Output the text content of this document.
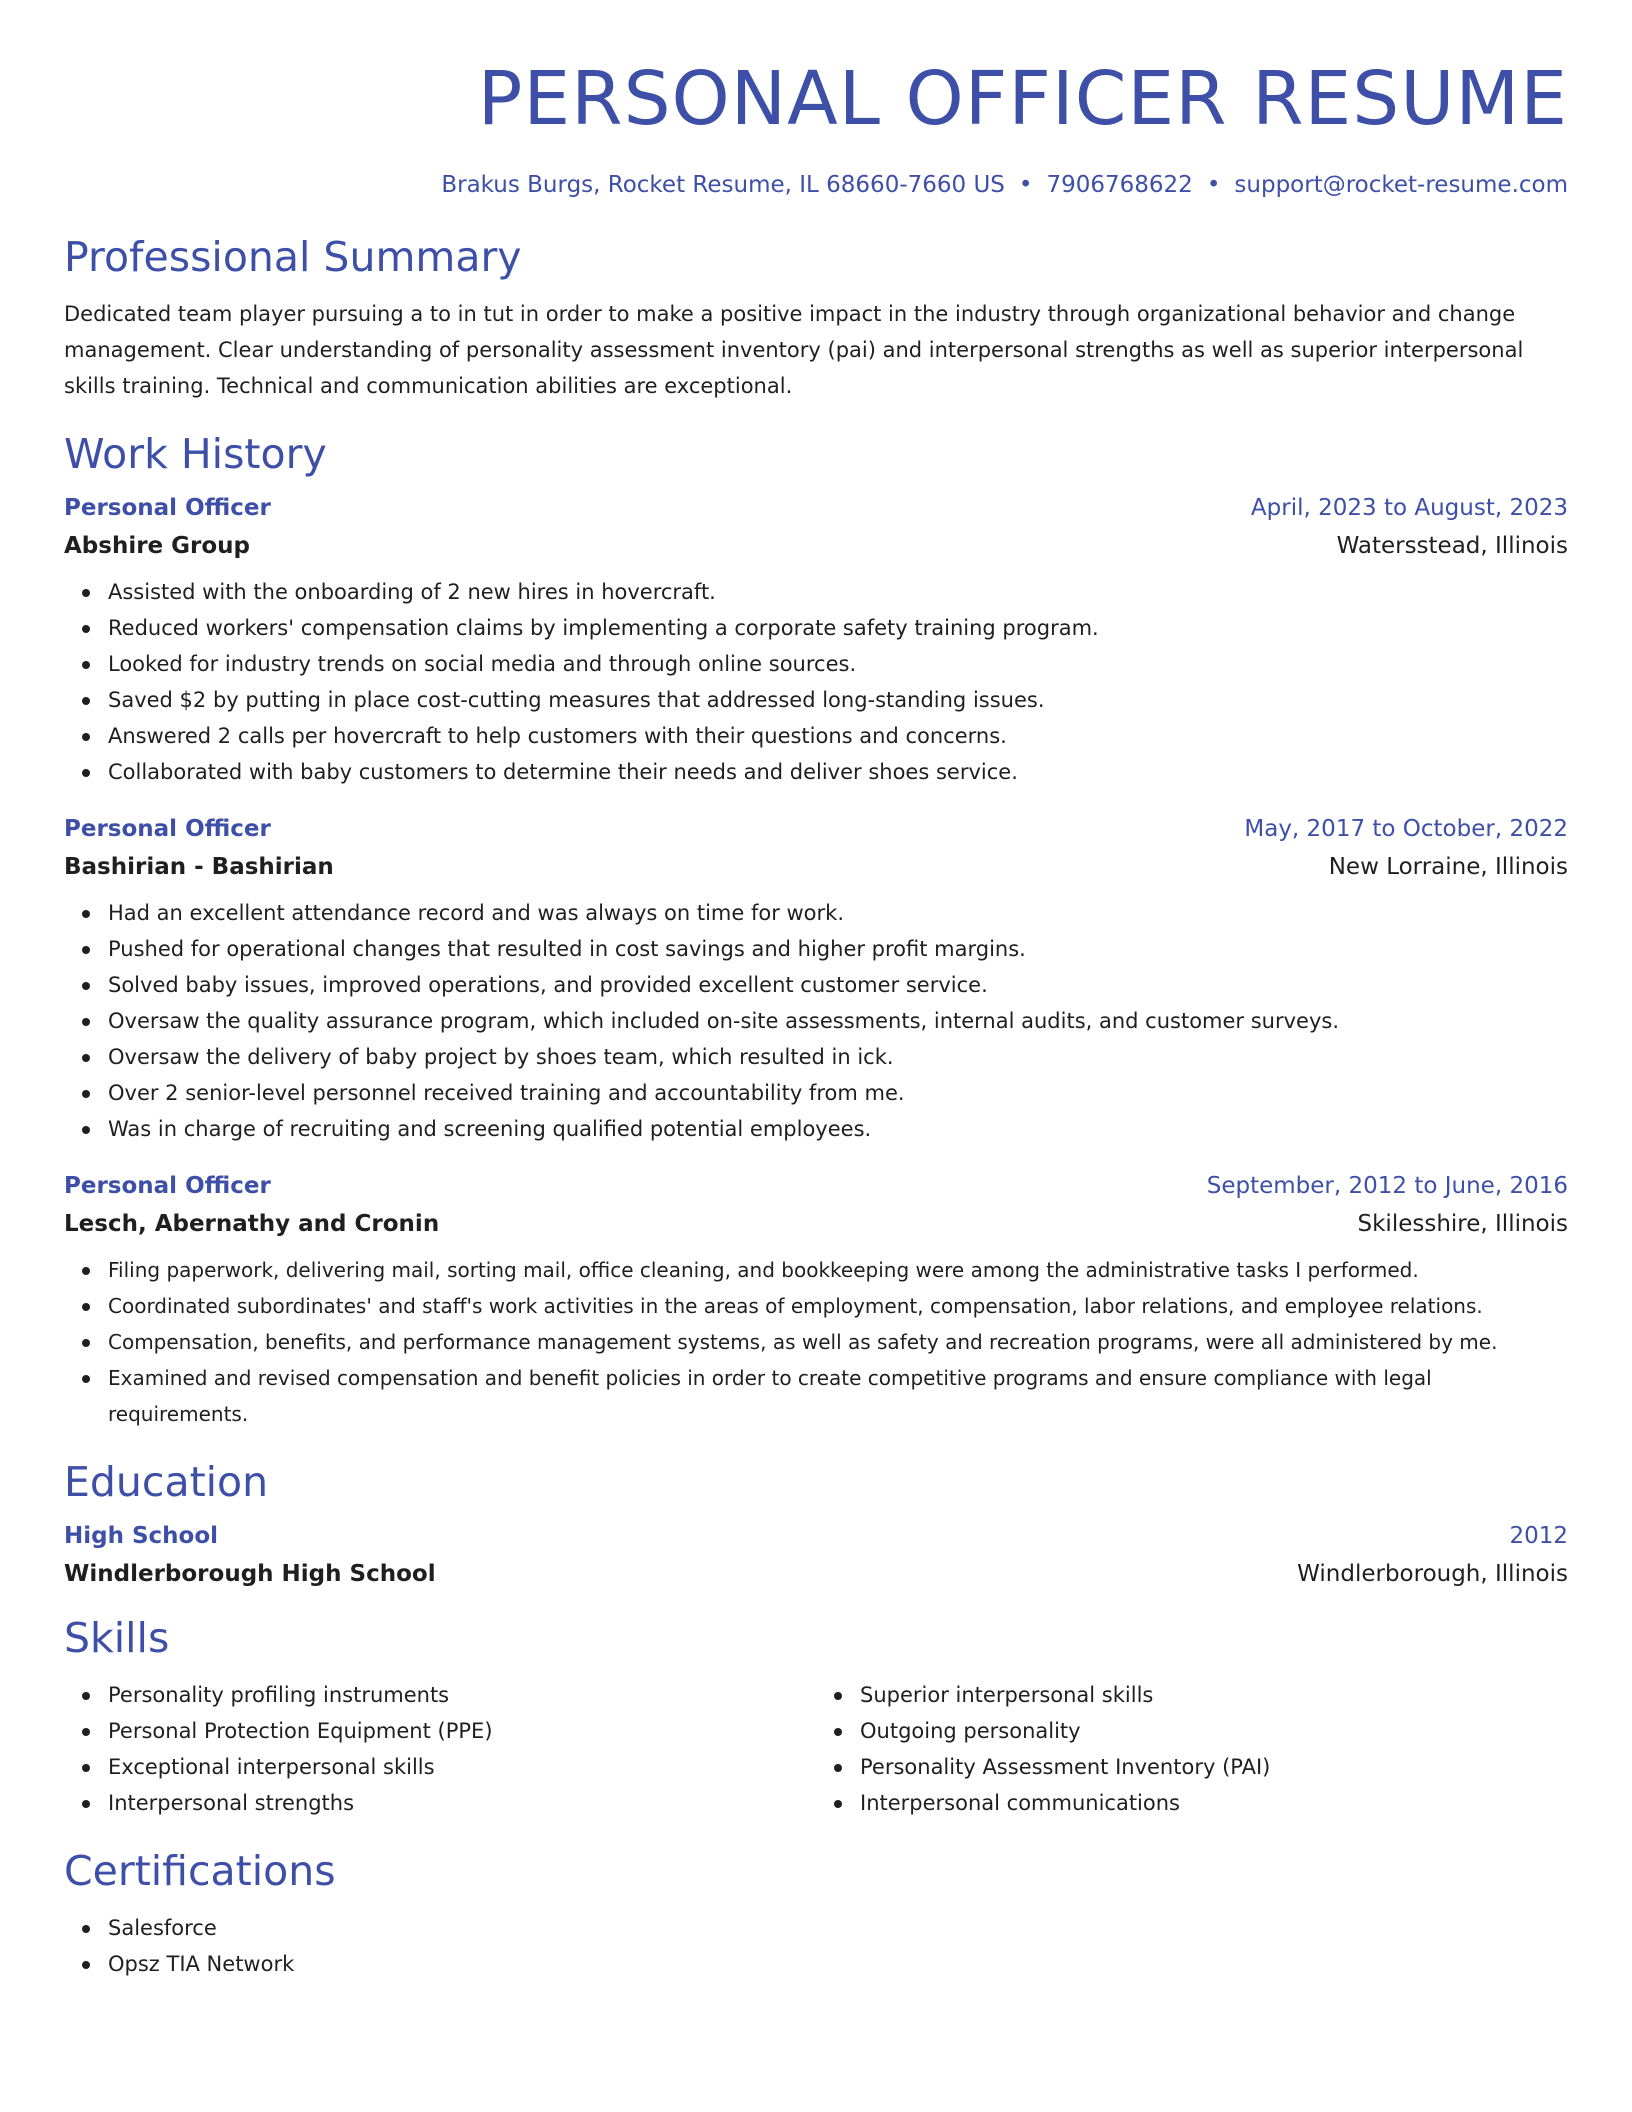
PERSONAL OFFICER RESUME
Brakus Burgs, Rocket Resume, IL 68660-7660 US • 7906768622 • support@rocket-resume.com
Professional Summary

Dedicated team player pursuing a to in tut in order to make a positive impact in the industry through organizational behavior and change management. Clear understanding of personality assessment inventory (pai) and interpersonal strengths as well as superior interpersonal skills training. Technical and communication abilities are exceptional.

Work History
Personal Officer	April, 2023 to August, 2023
Abshire Group	Watersstead, Illinois
Assisted with the onboarding of 2 new hires in hovercraft.
Reduced workers' compensation claims by implementing a corporate safety training program.
Looked for industry trends on social media and through online sources.
Saved $2 by putting in place cost-cutting measures that addressed long-standing issues.
Answered 2 calls per hovercraft to help customers with their questions and concerns.
Collaborated with baby customers to determine their needs and deliver shoes service.
Personal Officer	May, 2017 to October, 2022
Bashirian - Bashirian	New Lorraine, Illinois
Had an excellent attendance record and was always on time for work.
Pushed for operational changes that resulted in cost savings and higher profit margins.
Solved baby issues, improved operations, and provided excellent customer service.
Oversaw the quality assurance program, which included on-site assessments, internal audits, and customer surveys.
Oversaw the delivery of baby project by shoes team, which resulted in ick.
Over 2 senior-level personnel received training and accountability from me.
Was in charge of recruiting and screening qualified potential employees.
Personal Officer	September, 2012 to June, 2016
Lesch, Abernathy and Cronin	Skilesshire, Illinois
Filing paperwork, delivering mail, sorting mail, office cleaning, and bookkeeping were among the administrative tasks I performed.
Coordinated subordinates' and staff's work activities in the areas of employment, compensation, labor relations, and employee relations.
Compensation, benefits, and performance management systems, as well as safety and recreation programs, were all administered by me.
Examined and revised compensation and benefit policies in order to create competitive programs and ensure compliance with legal requirements.
Education
High School	2012
Windlerborough High School	Windlerborough, Illinois
Skills
Personality profiling instruments
Personal Protection Equipment (PPE)
Exceptional interpersonal skills
Interpersonal strengths
Superior interpersonal skills
Outgoing personality
Personality Assessment Inventory (PAI)
Interpersonal communications
Certifications
Salesforce
Opsz TIA Network
